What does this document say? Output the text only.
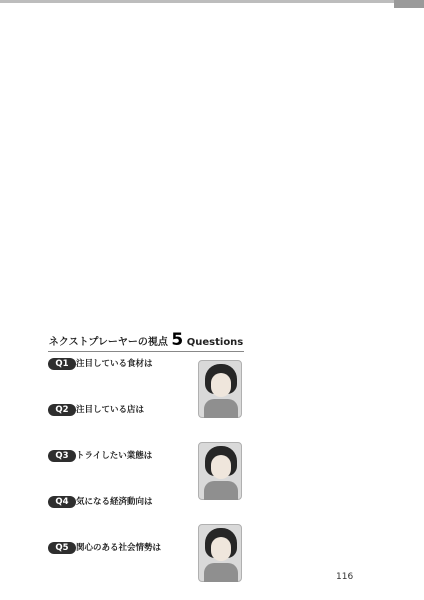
ネクストプレーヤーの視点 5 Questions
Q1 注目している食材は
Q2 注目している店は
Q3 トライしたい業態は
Q4 気になる経済動向は
Q5 関心のある社会情勢は
116
